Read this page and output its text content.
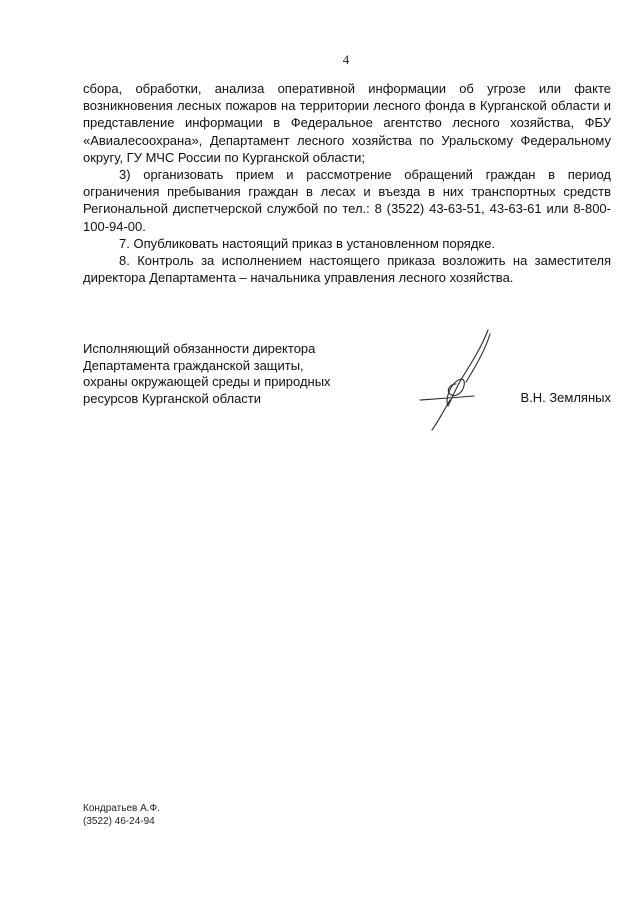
4

сбора, обработки, анализа оперативной информации об угрозе или факте возникновения лесных пожаров на территории лесного фонда в Курганской области и представление информации в Федеральное агентство лесного хозяйства, ФБУ «Авиалесоохрана», Департамент лесного хозяйства по Уральскому Федеральному округу, ГУ МЧС России по Курганской области;

3) организовать прием и рассмотрение обращений граждан в период ограничения пребывания граждан в лесах и въезда в них транспортных средств Региональной диспетчерской службой по тел.: 8 (3522) 43-63-51, 43-63-61 или 8-800-100-94-00.

7. Опубликовать настоящий приказ в установленном порядке.

8. Контроль за исполнением настоящего приказа возложить на заместителя директора Департамента – начальника управления лесного хозяйства.

Исполняющий обязанности директора
Департамента гражданской защиты,
охраны окружающей среды и природных
ресурсов Курганской области	В.Н. Земляных
Кондратьев А.Ф.
(3522) 46-24-94
